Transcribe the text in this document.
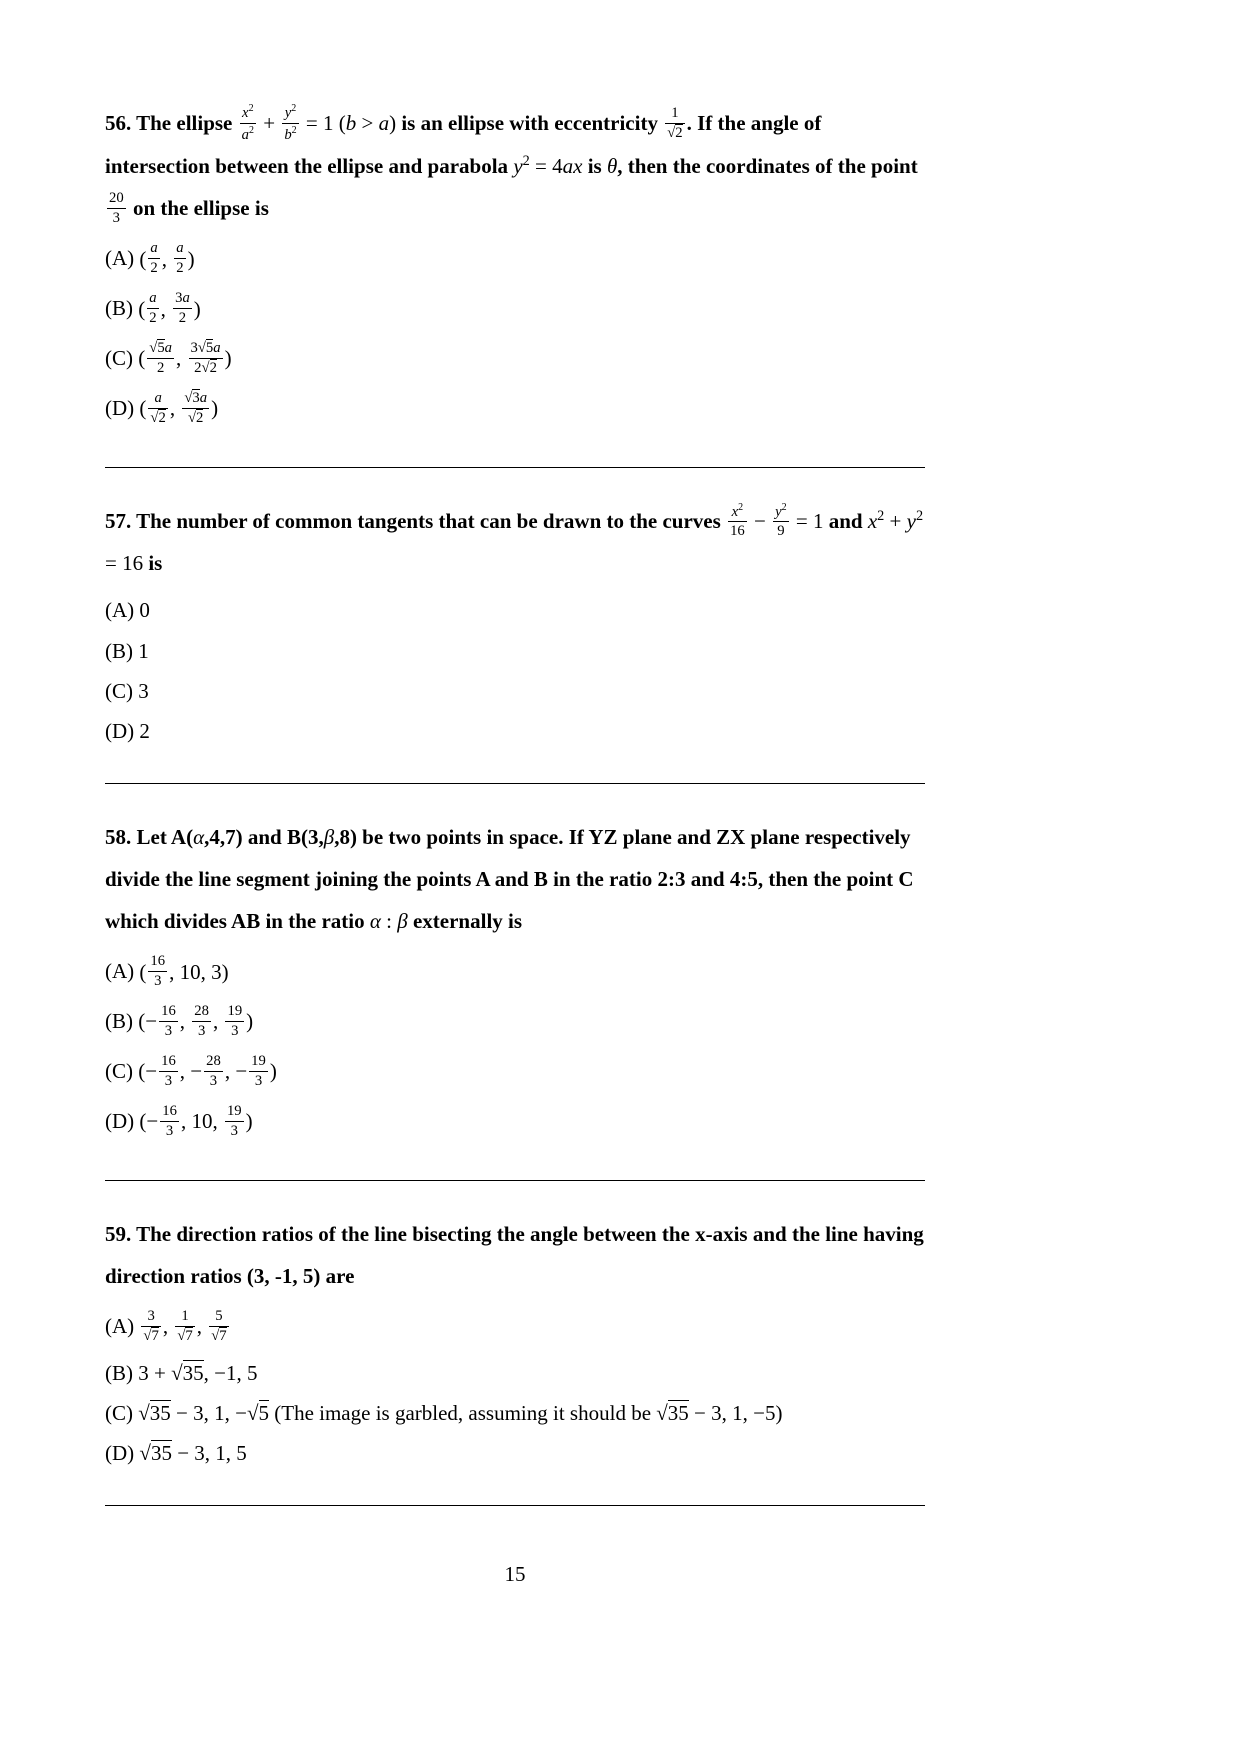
56. The ellipse $\frac{x^2}{a^2} + \frac{y^2}{b^2} = 1$ (b > a) is an ellipse with eccentricity $\frac{1}{√2}$ . If the angle of intersection between the ellipse and parabola $y^2 = 4ax$ is θ, then the coordinates of the point
$\frac{20}{3}$ on the ellipse is

(A) ( $\frac{a}{2}$ , $\frac{a}{2}$ )
(B) ( $\frac{a}{2}$ , $\frac{3a}{2}$ )
(C) ( $\frac{√5a}{2}$ , $\frac{3√5a}{2√2}$ )
(D) ( $\frac{a}{√2}$ , $\frac{√3a}{√2}$ )

57. The number of common tangents that can be drawn to the curves $\frac{x^2}{16} - \frac{y^2}{9} = 1$ and $x^2 + y^2 = 16$ is

(A) 0
(B) 1
(C) 3
(D) 2

58. Let A(α,4,7) and B(3,β,8) be two points in space. If YZ plane and ZX plane respectively divide the line segment joining the points A and B in the ratio 2:3 and 4:5, then the point C which divides AB in the ratio α : β externally is

(A) ( $\frac{16}{3}$ , 10, 3)
(B) (− $\frac{16}{3}$ , $\frac{28}{3}$ , $\frac{19}{3}$ )
(C) (− $\frac{16}{3}$ , − $\frac{28}{3}$ , − $\frac{19}{3}$ )
(D) (− $\frac{16}{3}$ , 10, $\frac{19}{3}$ )

59. The direction ratios of the line bisecting the angle between the x-axis and the line having direction ratios (3, -1, 5) are

$(A) \frac{3}{√7}$ , $\frac{1}{√7}$ , $\frac{5}{√7}$
(B) 3 + √35, −1, 5
(C) √35 − 3, 1, −√5 (The image is garbled, assuming it should be √35 − 3, 1, −5)
(D) √35 − 3, 1, 5
15
